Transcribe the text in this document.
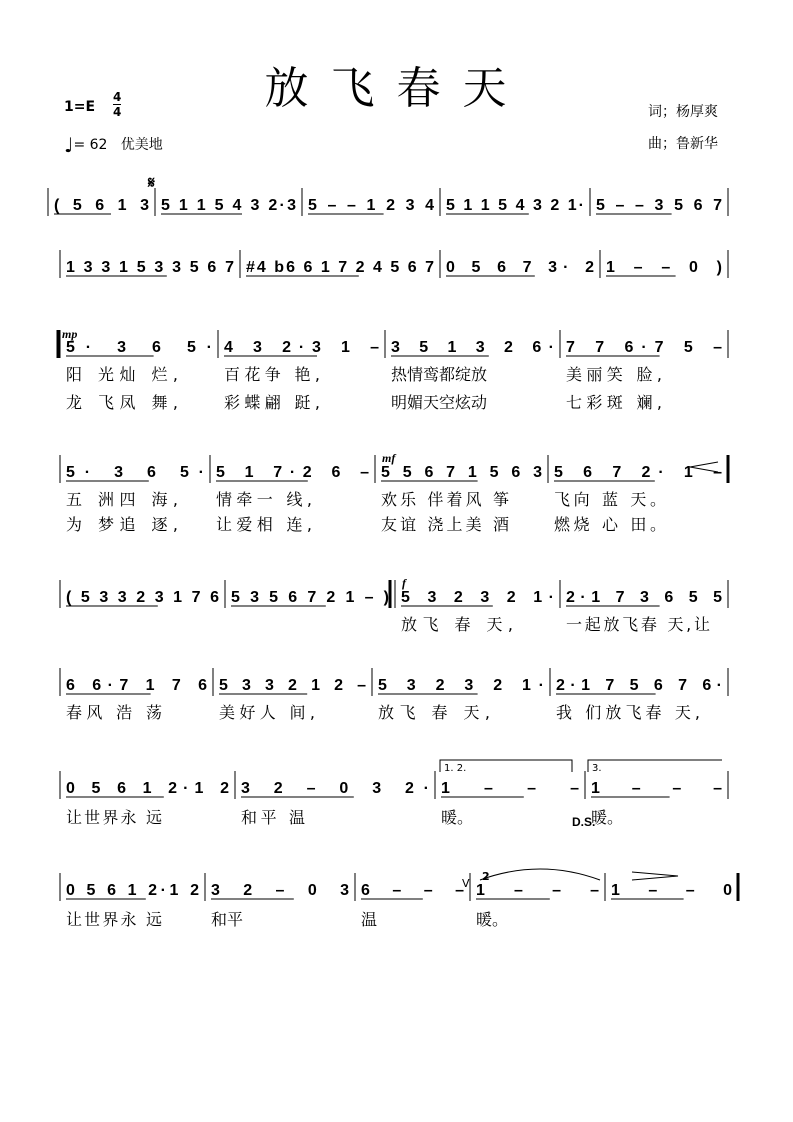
放飞春天
1=E
4
4
♩= 62 优美地
词；杨厚爽
曲；鲁新华
( 5 6 1 3 5 1 1 5 4 3 2·3 5 – – 1 2 3 4 5 1 1 5 4 3 2 1· 5 – – 3 5 6 7
1 3 3 1 5 3 3 5 6 7 #4 b6 6 1 7 2 4 5 6 7 0 5 6 7 3· 2 1 – – 0 )
5· 3 6 5·
阳 光灿 烂,
龙 飞凤 舞,
4 3 2·3 1 –
百花争 艳,
彩蝶翩 跹,
3 5 1 3 2 6·
热情鸾都绽放
明媚天空炫动
7 7 6·7 5 –
美丽笑 脸,
七彩斑 斓,
5· 3 6 5·
五 洲四 海,
为 梦追 逐,
5 1 7·2 6 –
情牵一 线,
让爱相 连,
5 5 6 7 1 5 6 3
欢乐 伴着风 筝
友谊 浇上美 酒
5 6 7 2· 1 –
飞向 蓝 天。
燃烧 心 田。
( 5 3 3 2 3 1 7 6 5 3 5 6 7 2 1 – ) 5 3 2 3 2 1·
放飞 春 天,
2·1 7 3 6 5 5
一起放飞春 天,让
6 6·7 1 7 6
春风 浩 荡
5 3 3 2 1 2 –
美好人 间,
5 3 2 3 2 1·
放飞 春 天,
2·1 7 5 6 7 6·
我 们放飞春 天,
0 5 6 1 2·1 2
让世界永 远
3 2 – 0 3 2·
和平 温
1 – – –
暖。
1 – – –
暖。
0 5 6 1 2·1 2
让世界永 远
3 2 – 0 3
和平
6 – – –
温
1 – – –
暖。
1 – – 0
𝄋
mp
mf
f
D.S.
1. 2.	3.
V
2
